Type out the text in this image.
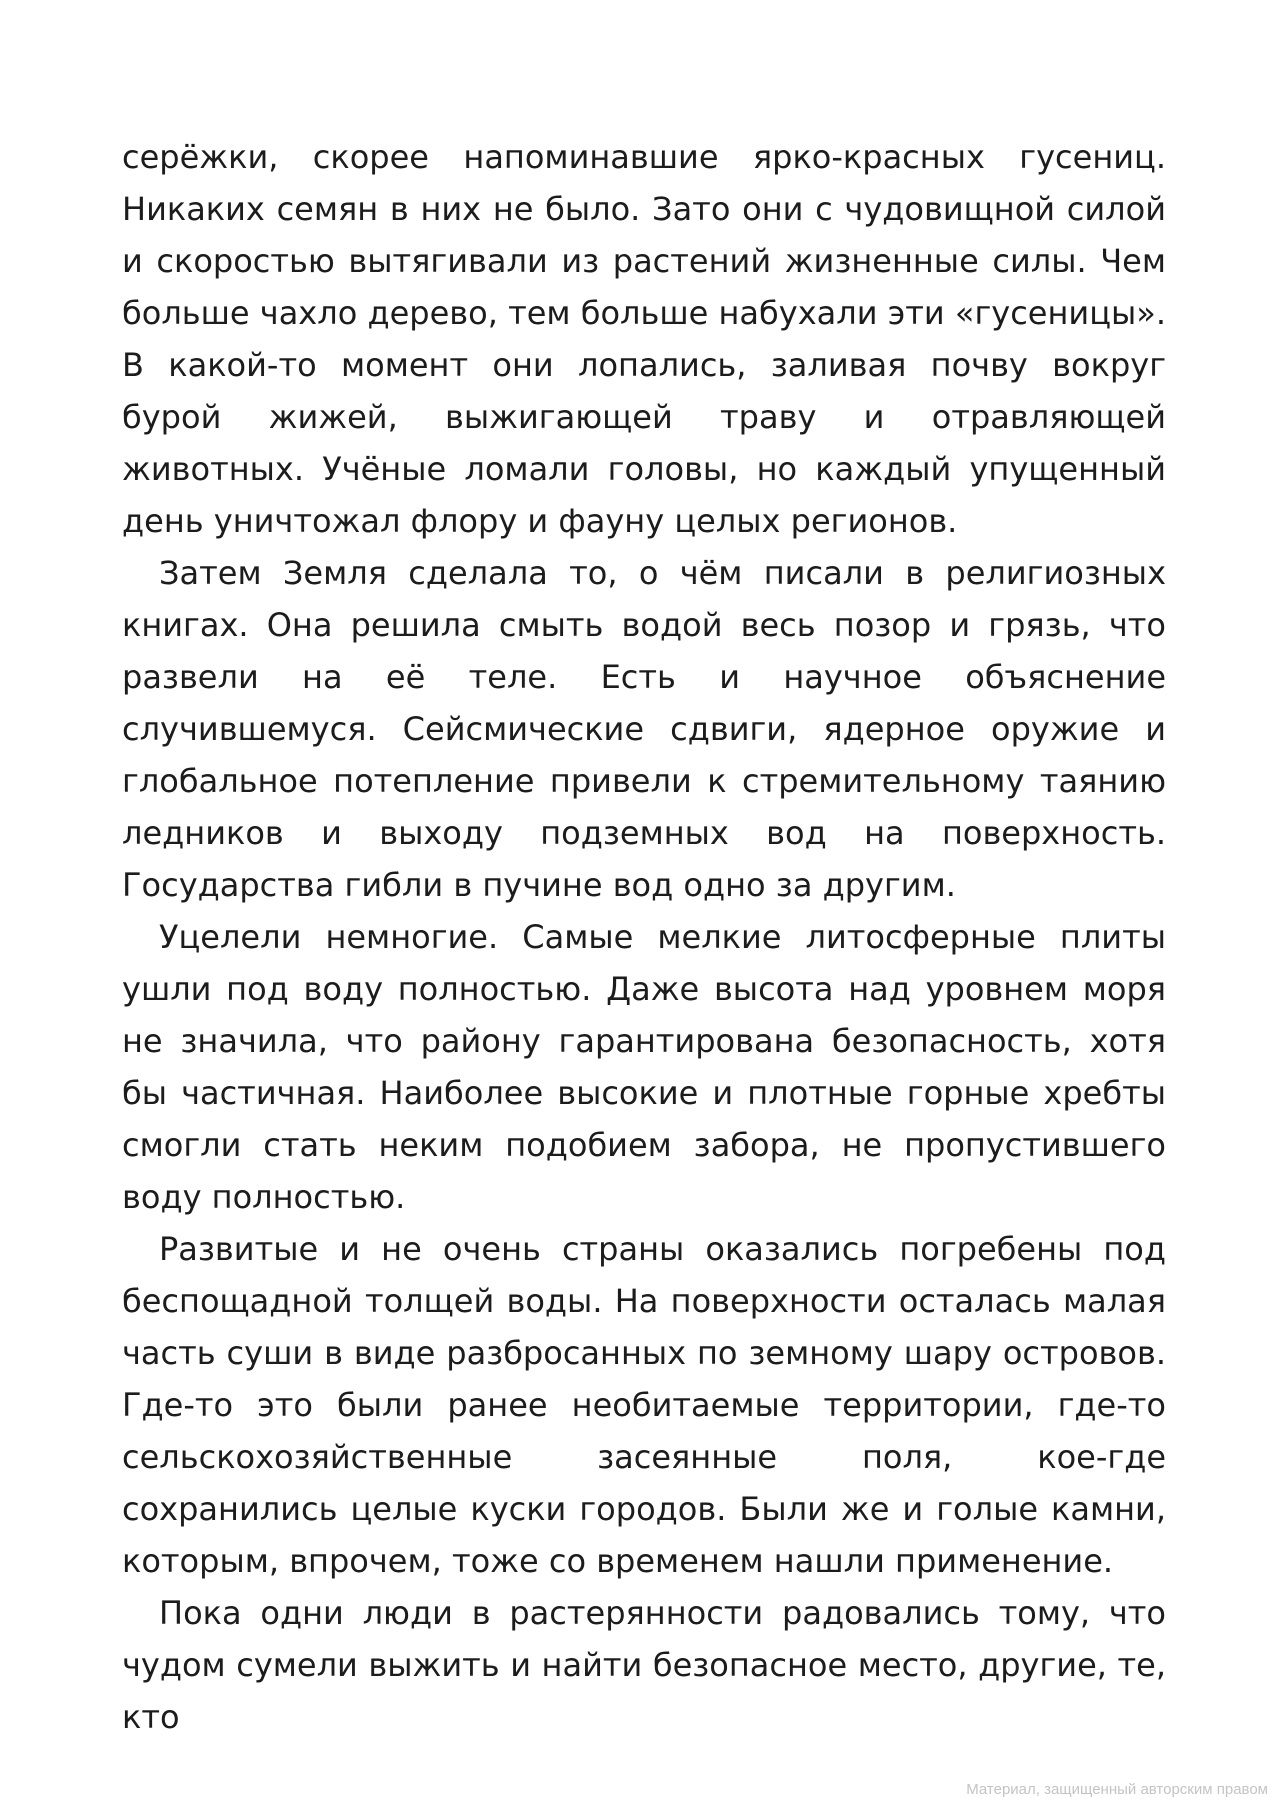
серёжки, скорее напоминавшие ярко-красных гусениц. Никаких семян в них не было. Зато они с чудовищной силой и скоростью вытягивали из растений жизненные силы. Чем больше чахло дерево, тем больше набухали эти «гусеницы». В какой-то момент они лопались, заливая почву вокруг бурой жижей, выжигающей траву и отравляющей животных. Учёные ломали головы, но каждый упущенный день уничтожал флору и фауну целых регионов.

Затем Земля сделала то, о чём писали в религиозных книгах. Она решила смыть водой весь позор и грязь, что развели на её теле. Есть и научное объяснение случившемуся. Сейсмические сдвиги, ядерное оружие и глобальное потепление привели к стремительному таянию ледников и выходу подземных вод на поверхность. Государства гибли в пучине вод одно за другим.

Уцелели немногие. Самые мелкие литосферные плиты ушли под воду полностью. Даже высота над уровнем моря не значила, что району гарантирована безопасность, хотя бы частичная. Наиболее высокие и плотные горные хребты смогли стать неким подобием забора, не пропустившего воду полностью.

Развитые и не очень страны оказались погребены под беспощадной толщей воды. На поверхности осталась малая часть суши в виде разбросанных по земному шару островов. Где-то это были ранее необитаемые территории, где-то сельскохозяйственные засеянные поля, кое-где сохранились целые куски городов. Были же и голые камни, которым, впрочем, тоже со временем нашли применение.

Пока одни люди в растерянности радовались тому, что чудом сумели выжить и найти безопасное место, другие, те, кто

Материал, защищенный авторским правом
